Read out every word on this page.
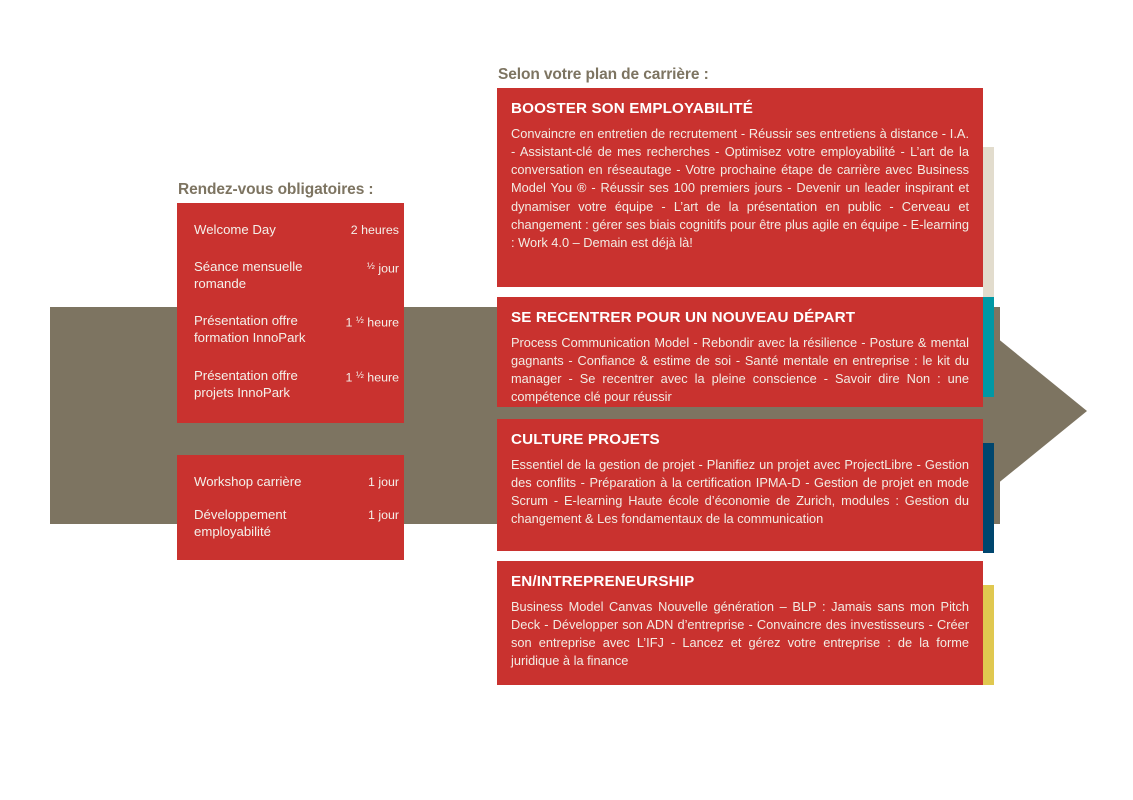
Rendez-vous obligatoires :
Welcome Day	2 heures
Séance mensuelle romande
$^{\frac{1}{2}}$ jour
Présentation offre formation InnoPark
1 $^{\frac{1}{2}}$ heure
Présentation offre projets InnoPark
1 $^{\frac{1}{2}}$ heure
Workshop carrière	1 jour
Développement employabilité
1 jour
Selon votre plan de carrière :
BOOSTER SON EMPLOYABILITÉ
Convaincre en entretien de recrutement - Réussir ses entretiens à distance - I.A. - Assistant-clé de mes recherches - Optimisez votre employabilité - L’art de la conversation en réseautage - Votre prochaine étape de carrière avec Business Model You ® - Réussir ses 100 premiers jours - Devenir un leader inspirant et dynamiser votre équipe - L’art de la présentation en public - Cerveau et changement : gérer ses biais cognitifs pour être plus agile en équipe - E-learning : Work 4.0 – Demain est déjà là!
SE RECENTRER POUR UN NOUVEAU DÉPART
Process Communication Model - Rebondir avec la résilience - Posture & mental gagnants - Confiance & estime de soi - Santé mentale en entreprise : le kit du manager - Se recentrer avec la pleine conscience - Savoir dire Non : une compétence clé pour réussir
CULTURE PROJETS
Essentiel de la gestion de projet - Planifiez un projet avec ProjectLibre - Gestion des conflits - Préparation à la certification IPMA-D - Gestion de projet en mode Scrum - E-learning Haute école d’économie de Zurich, modules : Gestion du changement & Les fondamentaux de la communication
EN/INTREPRENEURSHIP
Business Model Canvas Nouvelle génération – BLP : Jamais sans mon Pitch Deck - Développer son ADN d’entreprise - Convaincre des investisseurs - Créer son entreprise avec L’IFJ - Lancez et gérez votre entreprise : de la forme juridique à la finance
